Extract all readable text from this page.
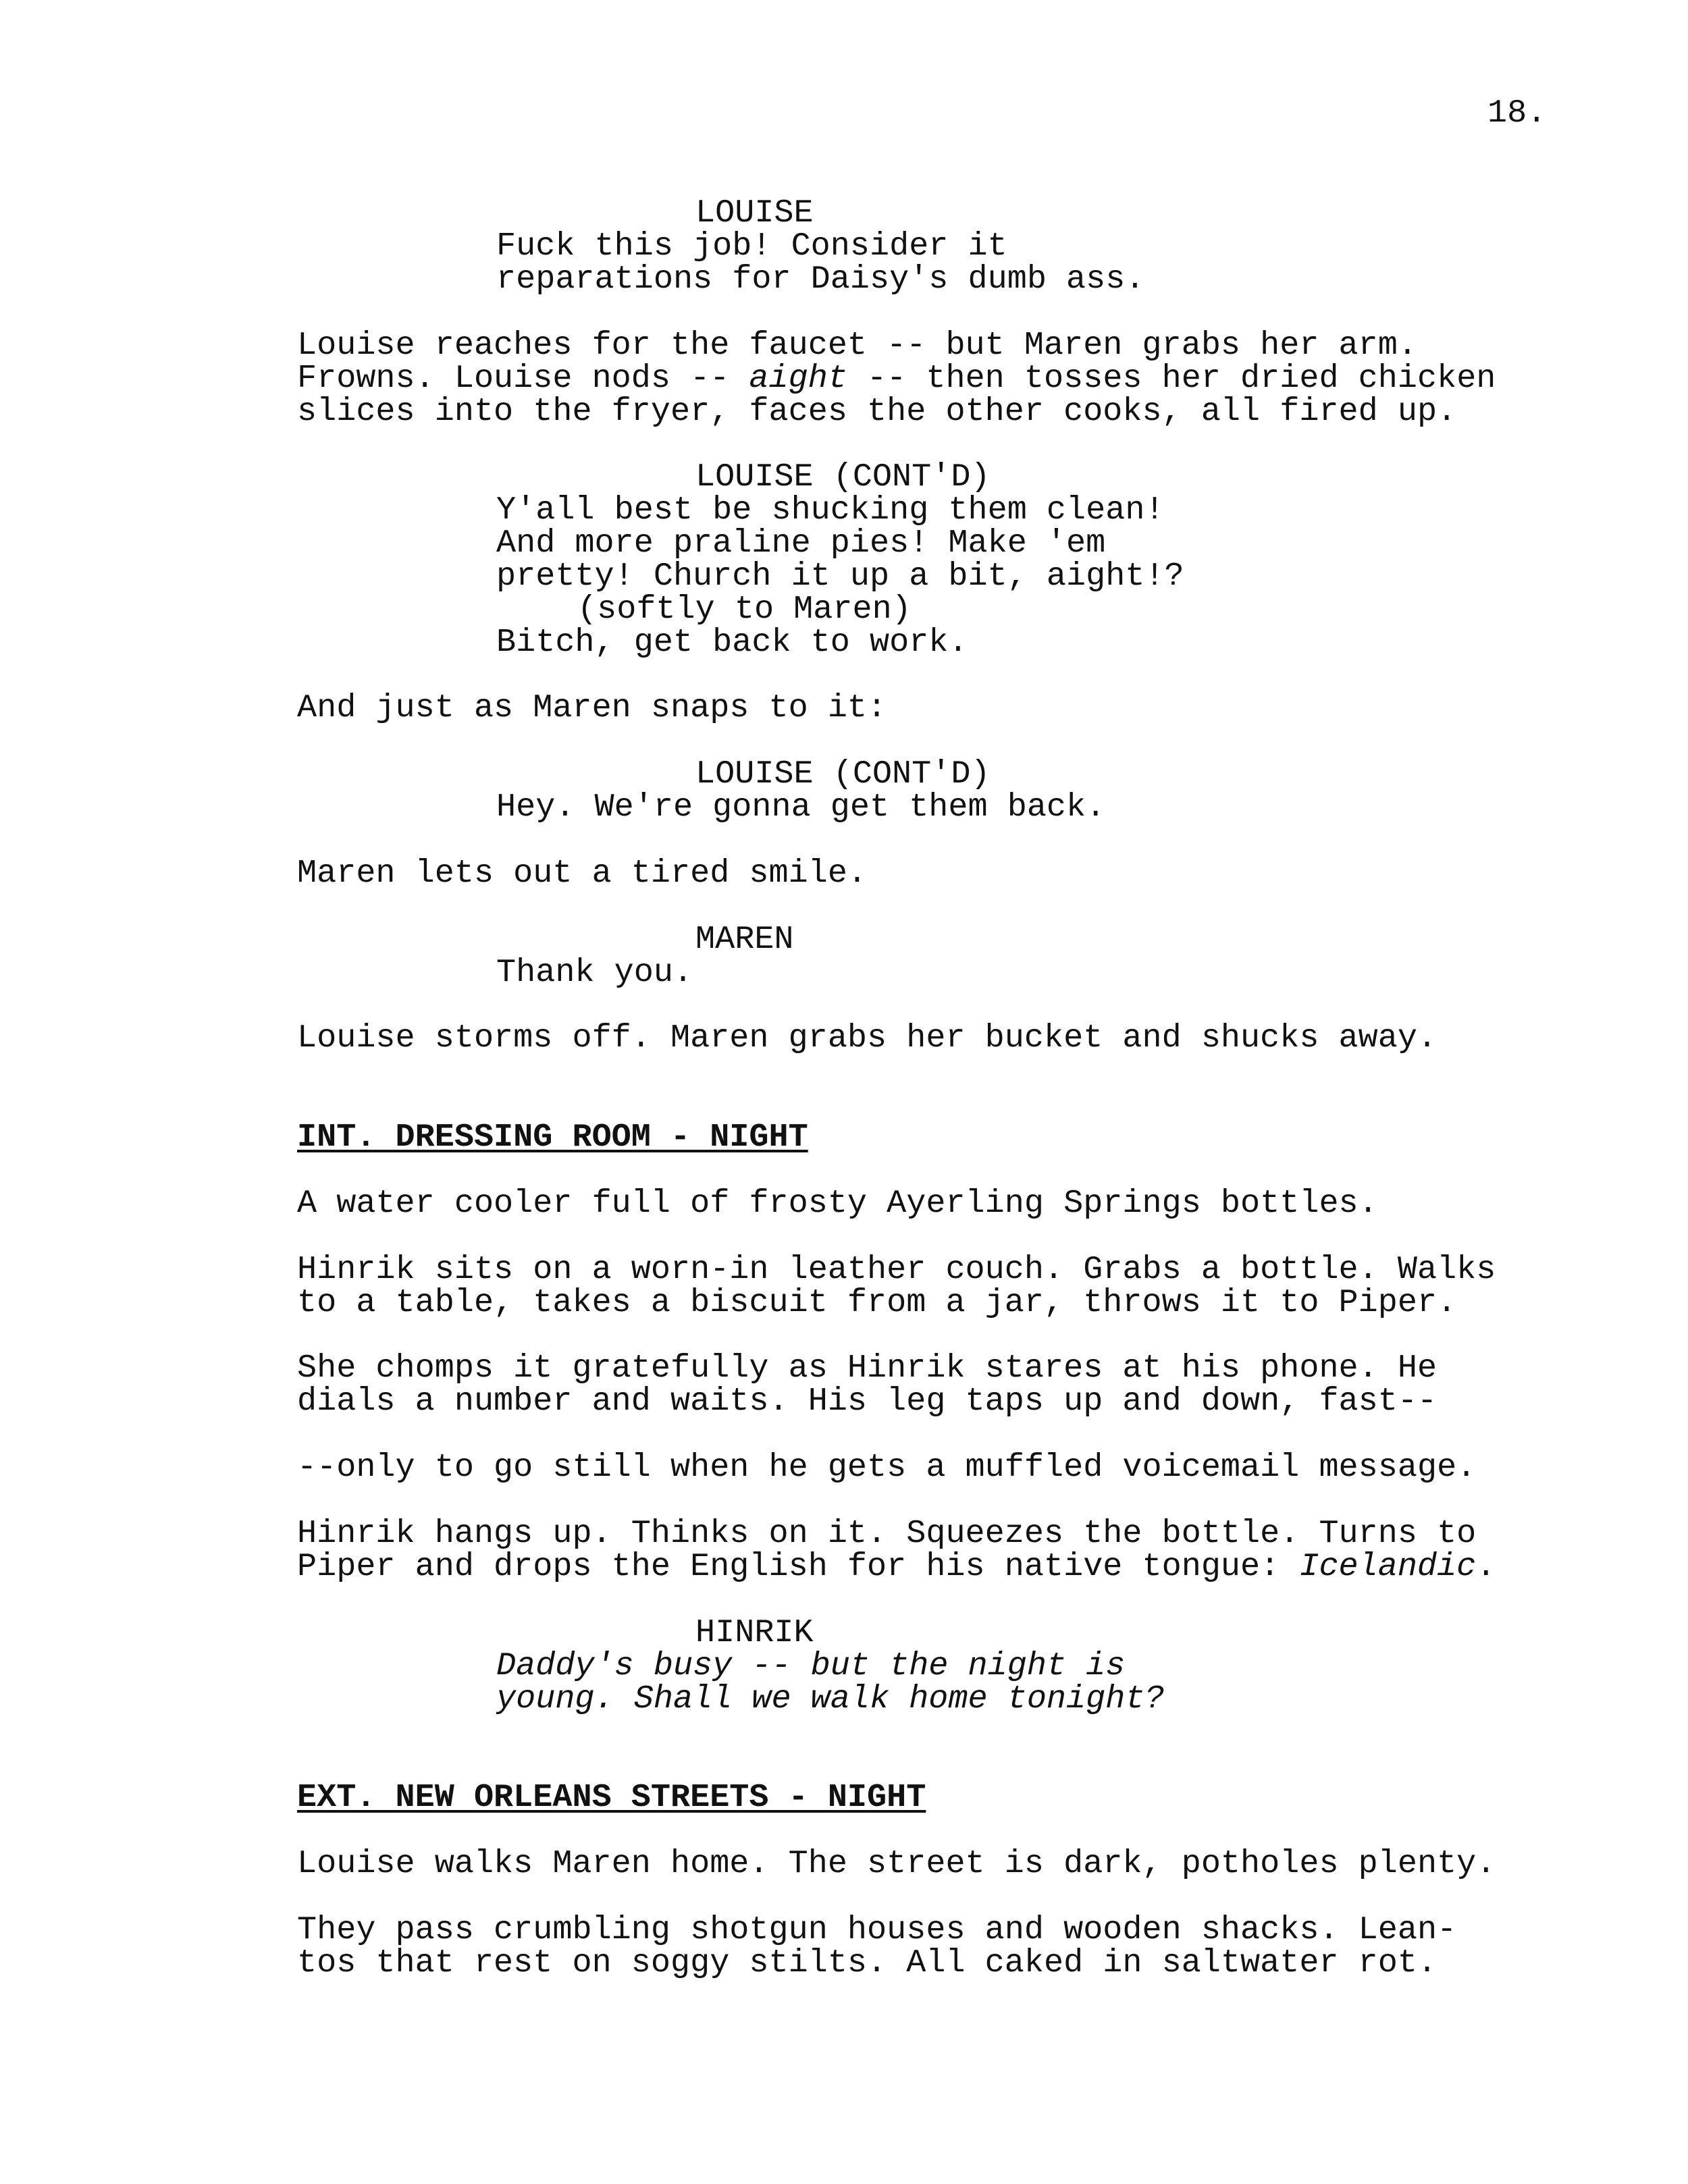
18.
LOUISE
Fuck this job! Consider it
reparations for Daisy's dumb ass.
Louise reaches for the faucet -- but Maren grabs her arm.
Frowns. Louise nods -- aight -- then tosses her dried chicken
slices into the fryer, faces the other cooks, all fired up.
LOUISE (CONT'D)
Y'all best be shucking them clean!
And more praline pies! Make 'em
pretty! Church it up a bit, aight!?
(softly to Maren)
Bitch, get back to work.
And just as Maren snaps to it:
LOUISE (CONT'D)
Hey. We're gonna get them back.
Maren lets out a tired smile.
MAREN
Thank you.
Louise storms off. Maren grabs her bucket and shucks away.
INT. DRESSING ROOM - NIGHT
A water cooler full of frosty Ayerling Springs bottles.
Hinrik sits on a worn-in leather couch. Grabs a bottle. Walks
to a table, takes a biscuit from a jar, throws it to Piper.
She chomps it gratefully as Hinrik stares at his phone. He
dials a number and waits. His leg taps up and down, fast--
--only to go still when he gets a muffled voicemail message.
Hinrik hangs up. Thinks on it. Squeezes the bottle. Turns to
Piper and drops the English for his native tongue: Icelandic.
HINRIK
Daddy's busy -- but the night is
young. Shall we walk home tonight?
EXT. NEW ORLEANS STREETS - NIGHT
Louise walks Maren home. The street is dark, potholes plenty.
They pass crumbling shotgun houses and wooden shacks. Lean-
tos that rest on soggy stilts. All caked in saltwater rot.
